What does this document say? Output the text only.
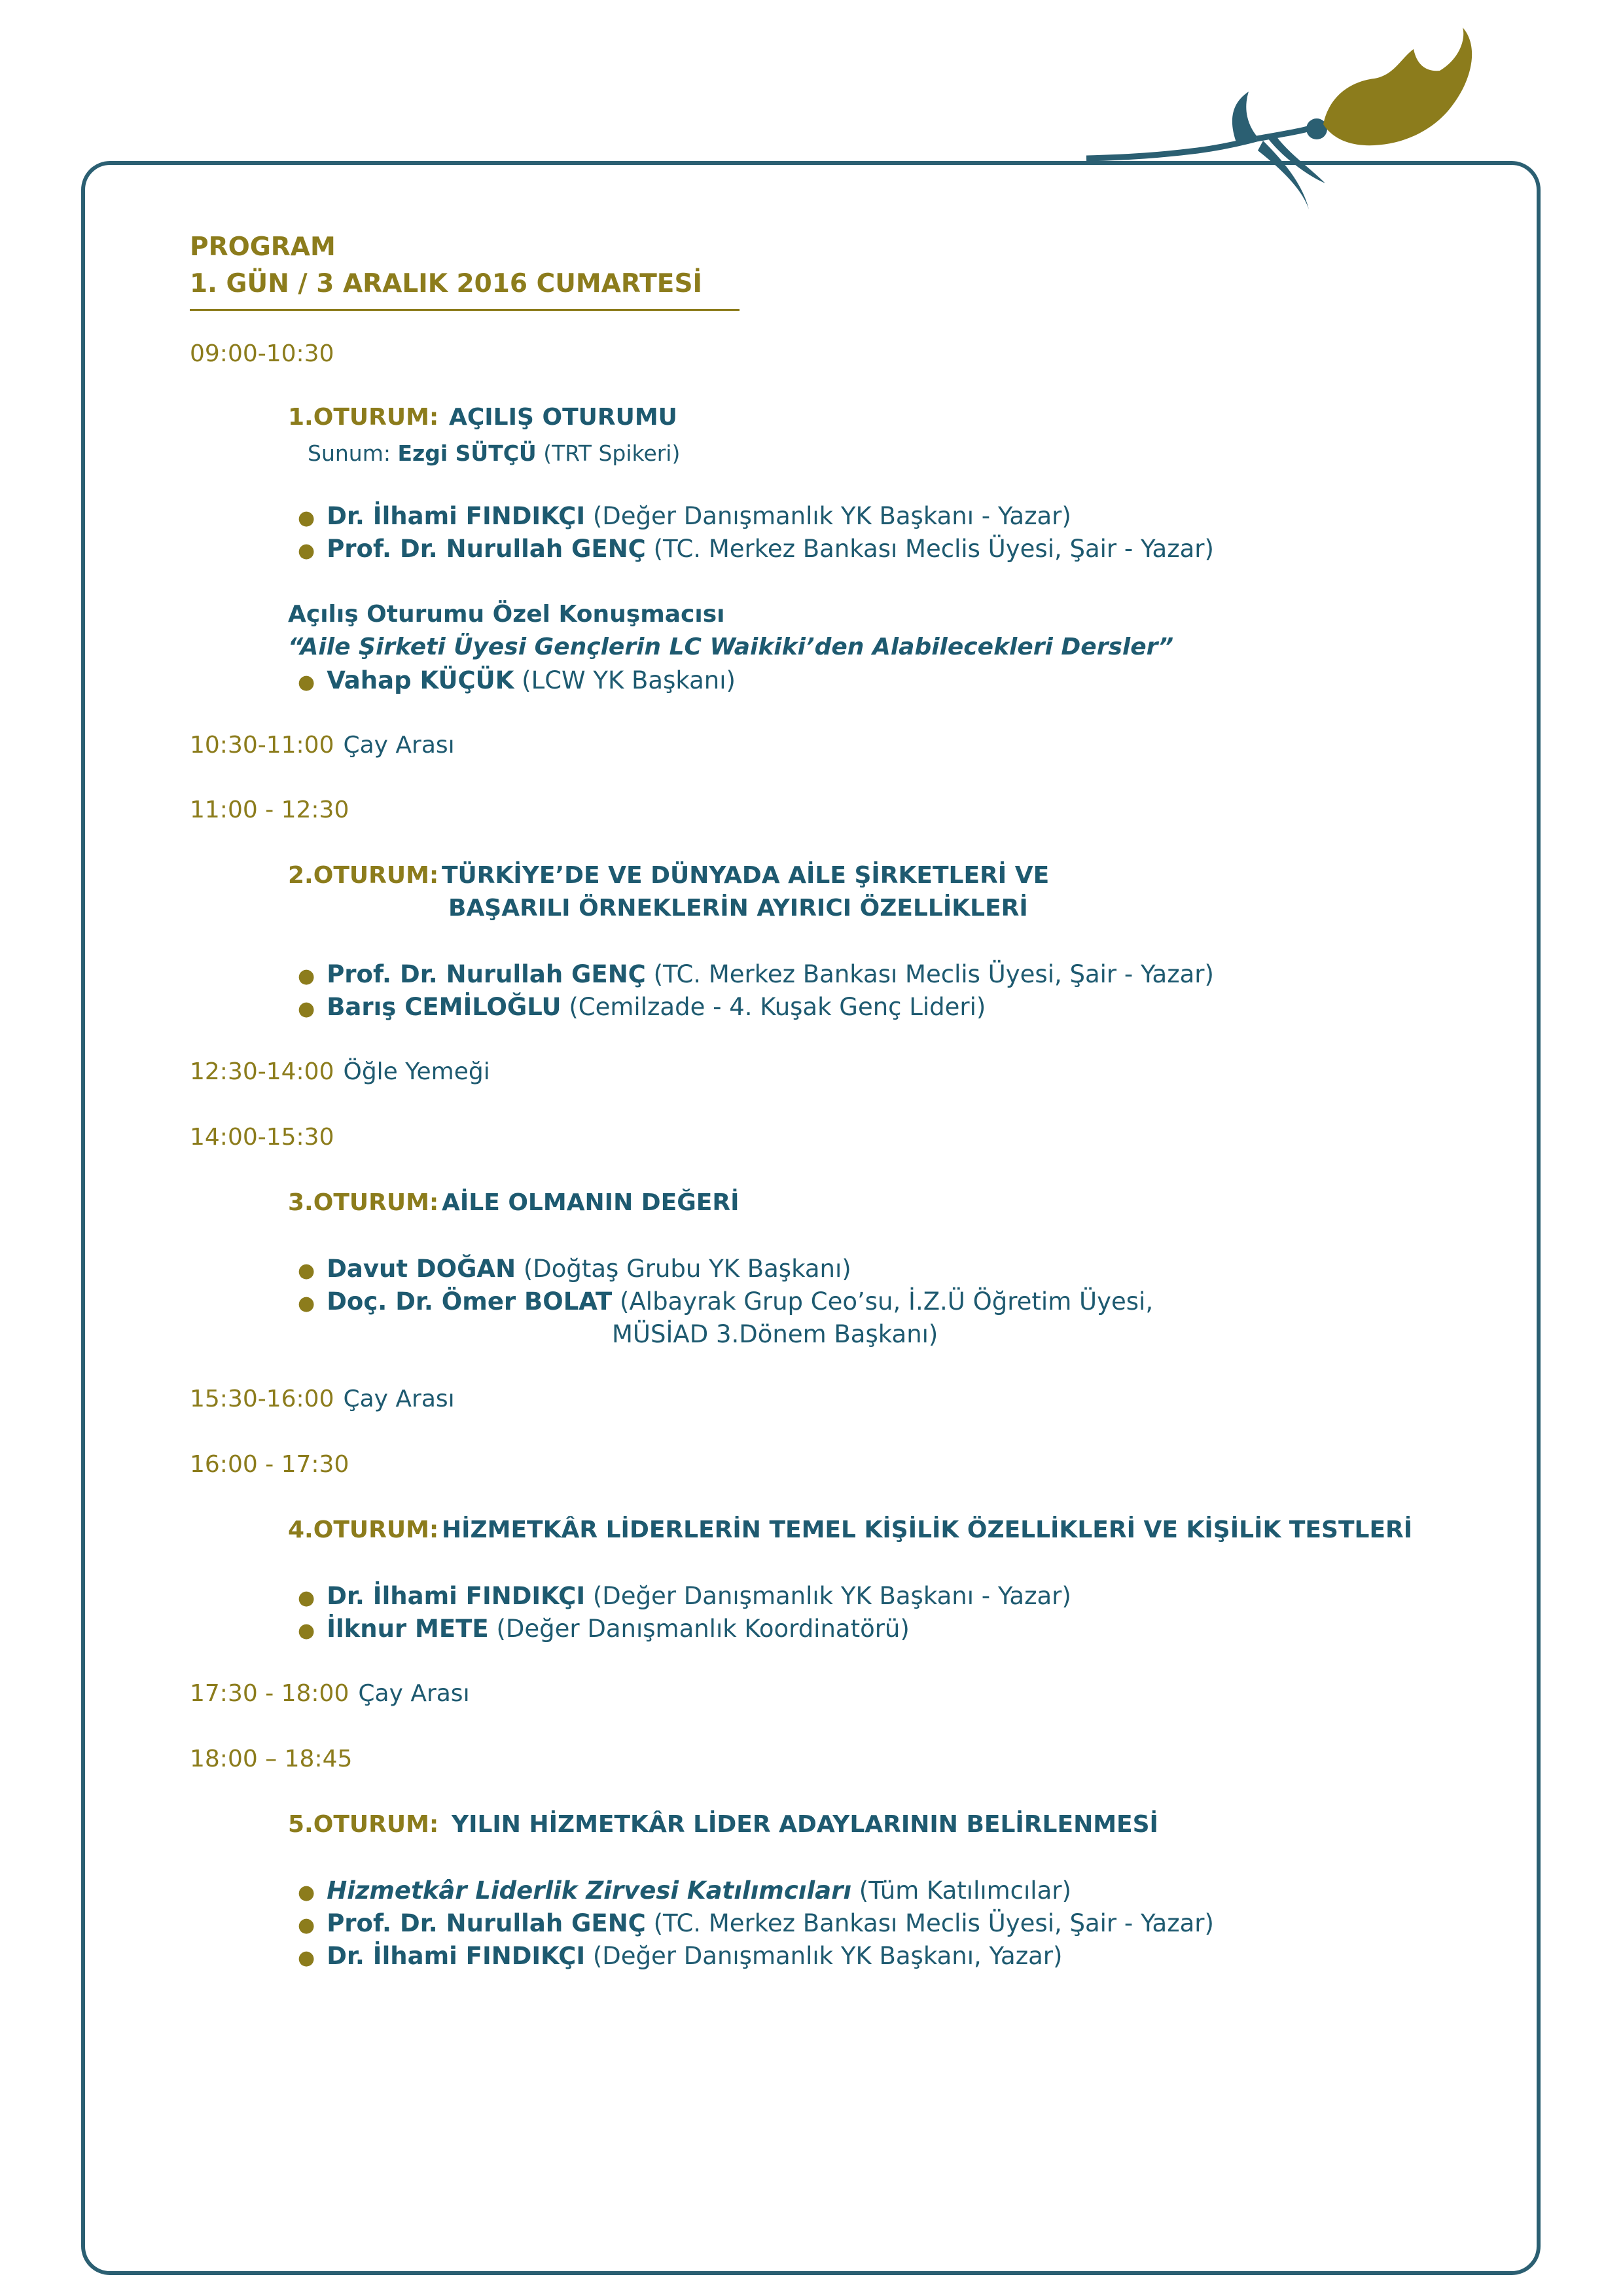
PROGRAM
1. GÜN / 3 ARALIK 2016 CUMARTESİ
09:00-10:30
1.OTURUM: AÇILIŞ OTURUMU
Sunum: Ezgi SÜTÇÜ (TRT Spikeri)
● Dr. İlhami FINDIKÇI (Değer Danışmanlık YK Başkanı - Yazar)
● Prof. Dr. Nurullah GENÇ (TC. Merkez Bankası Meclis Üyesi, Şair - Yazar)
Açılış Oturumu Özel Konuşmacısı
“Aile Şirketi Üyesi Gençlerin LC Waikiki’den Alabilecekleri Dersler”
● Vahap KÜÇÜK (LCW YK Başkanı)
10:30-11:00 Çay Arası
11:00 - 12:30
2.OTURUM: TÜRKİYE’DE VE DÜNYADA AİLE ŞİRKETLERİ VE
BAŞARILI ÖRNEKLERİN AYIRICI ÖZELLİKLERİ
● Prof. Dr. Nurullah GENÇ (TC. Merkez Bankası Meclis Üyesi, Şair - Yazar)
● Barış CEMİLOĞLU (Cemilzade - 4. Kuşak Genç Lideri)
12:30-14:00 Öğle Yemeği
14:00-15:30
3.OTURUM: AİLE OLMANIN DEĞERİ
● Davut DOĞAN (Doğtaş Grubu YK Başkanı)
● Doç. Dr. Ömer BOLAT (Albayrak Grup Ceo’su, İ.Z.Ü Öğretim Üyesi,
MÜSİAD 3.Dönem Başkanı)
15:30-16:00 Çay Arası
16:00 - 17:30
4.OTURUM: HİZMETKÂR LİDERLERİN TEMEL KİŞİLİK ÖZELLİKLERİ VE KİŞİLİK TESTLERİ
● Dr. İlhami FINDIKÇI (Değer Danışmanlık YK Başkanı - Yazar)
● İlknur METE (Değer Danışmanlık Koordinatörü)
17:30 - 18:00 Çay Arası
18:00 – 18:45
5.OTURUM: YILIN HİZMETKÂR LİDER ADAYLARININ BELİRLENMESİ
● Hizmetkâr Liderlik Zirvesi Katılımcıları (Tüm Katılımcılar)
● Prof. Dr. Nurullah GENÇ (TC. Merkez Bankası Meclis Üyesi, Şair - Yazar)
● Dr. İlhami FINDIKÇI (Değer Danışmanlık YK Başkanı, Yazar)
